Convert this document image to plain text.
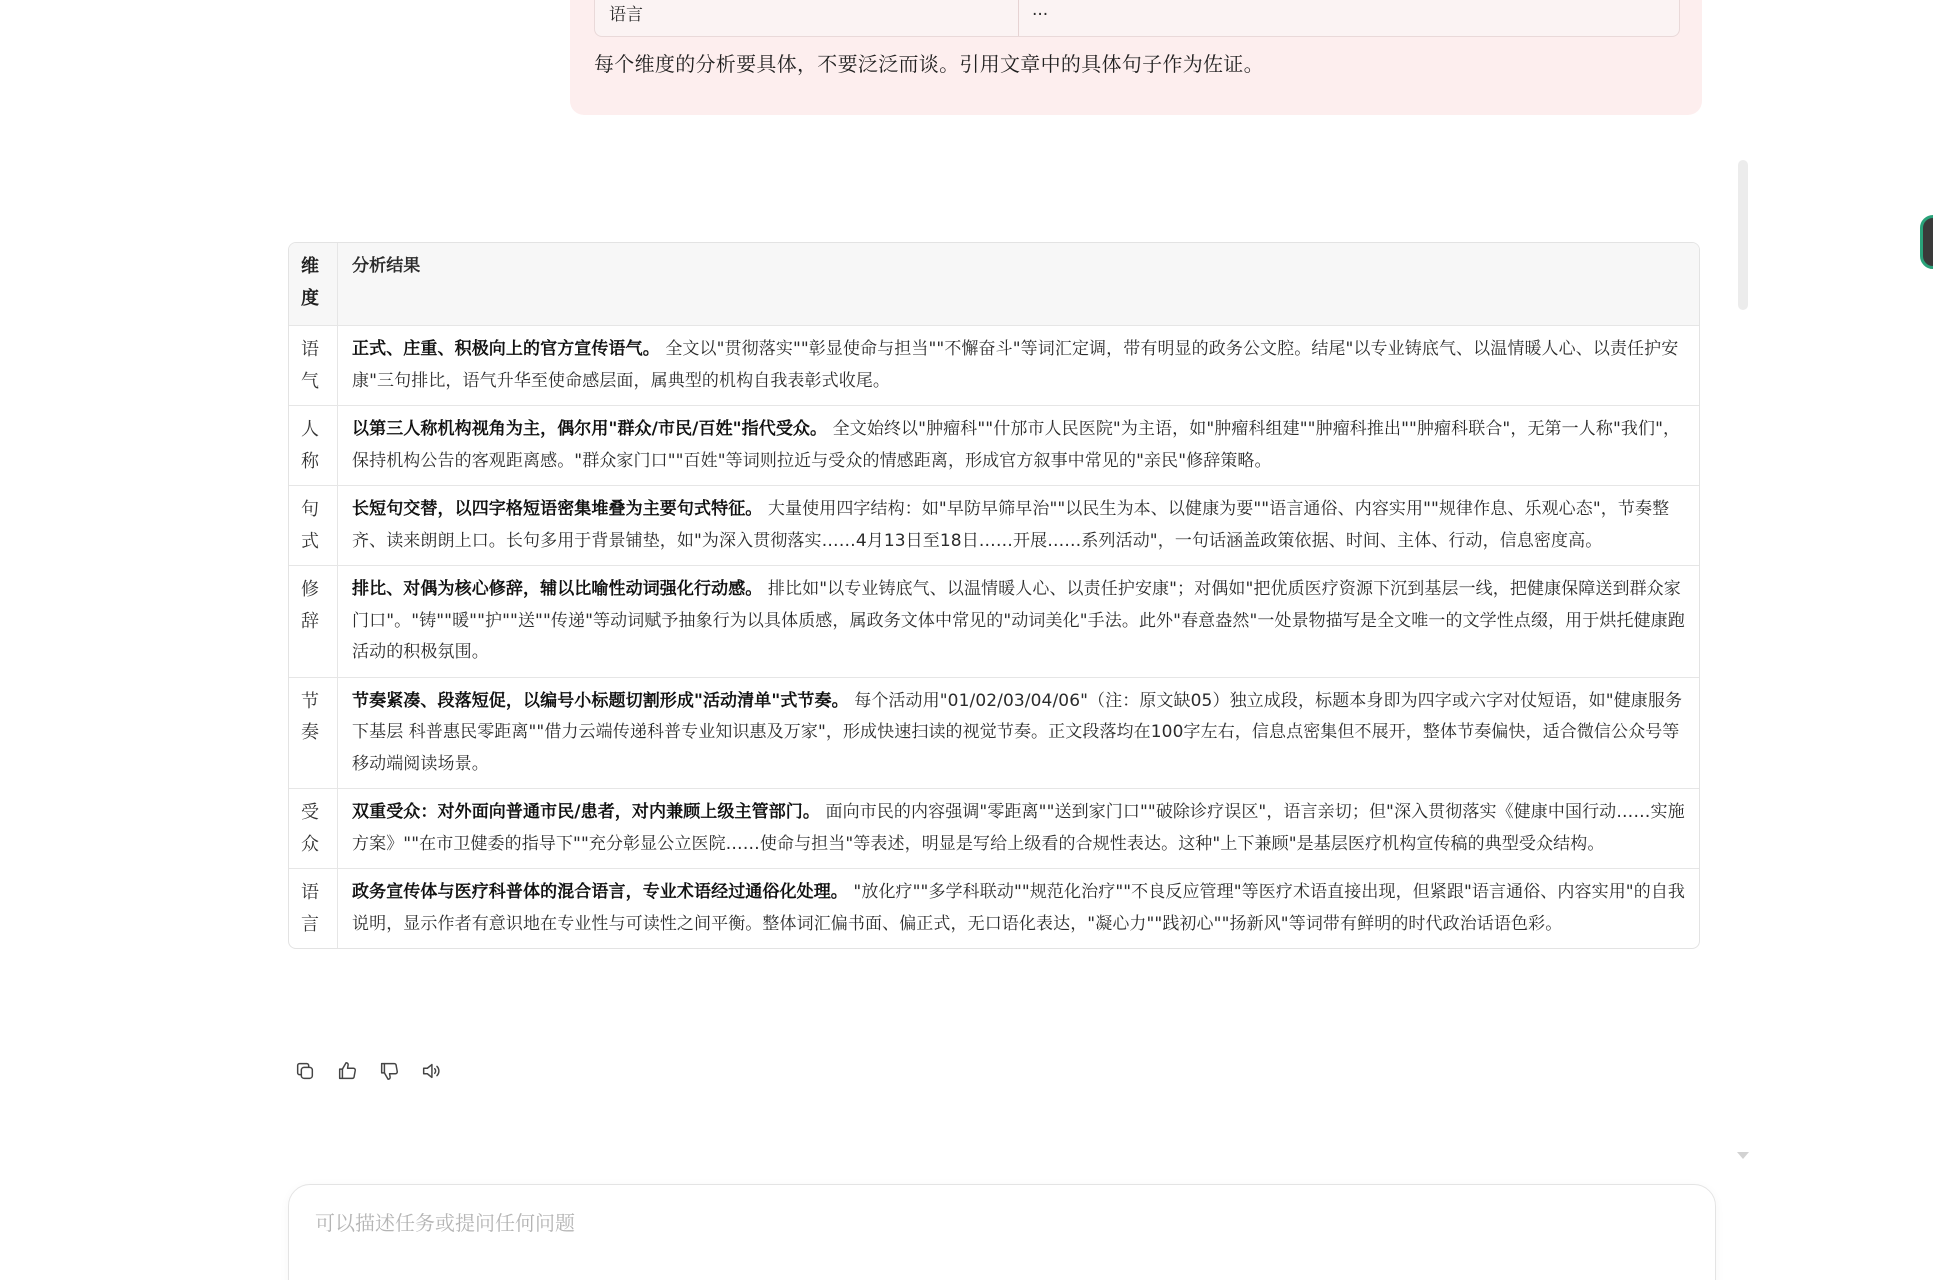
语言	...
每个维度的分析要具体，不要泛泛而谈。引用文章中的具体句子作为佐证。
维度	分析结果
语气	正式、庄重、积极向上的官方宣传语气。 全文以"贯彻落实""彰显使命与担当""不懈奋斗"等词汇定调，带有明显的政务公文腔。结尾"以专业铸底气、以温情暖人心、以责任护安康"三句排比，语气升华至使命感层面，属典型的机构自我表彰式收尾。
人称	以第三人称机构视角为主，偶尔用"群众/市民/百姓"指代受众。 全文始终以"肿瘤科""什邡市人民医院"为主语，如"肿瘤科组建""肿瘤科推出""肿瘤科联合"，无第一人称"我们"，保持机构公告的客观距离感。"群众家门口""百姓"等词则拉近与受众的情感距离，形成官方叙事中常见的"亲民"修辞策略。
句式	长短句交替，以四字格短语密集堆叠为主要句式特征。 大量使用四字结构：如"早防早筛早治""以民生为本、以健康为要""语言通俗、内容实用""规律作息、乐观心态"，节奏整齐、读来朗朗上口。长句多用于背景铺垫，如"为深入贯彻落实……4月13日至18日……开展……系列活动"，一句话涵盖政策依据、时间、主体、行动，信息密度高。
修辞	排比、对偶为核心修辞，辅以比喻性动词强化行动感。 排比如"以专业铸底气、以温情暖人心、以责任护安康"；对偶如"把优质医疗资源下沉到基层一线，把健康保障送到群众家门口"。"铸""暖""护""送""传递"等动词赋予抽象行为以具体质感，属政务文体中常见的"动词美化"手法。此外"春意盎然"一处景物描写是全文唯一的文学性点缀，用于烘托健康跑活动的积极氛围。
节奏	节奏紧凑、段落短促，以编号小标题切割形成"活动清单"式节奏。 每个活动用"01/02/03/04/06"（注：原文缺05）独立成段，标题本身即为四字或六字对仗短语，如"健康服务下基层 科普惠民零距离""借力云端传递科普专业知识惠及万家"，形成快速扫读的视觉节奏。正文段落均在100字左右，信息点密集但不展开，整体节奏偏快，适合微信公众号等移动端阅读场景。
受众	双重受众：对外面向普通市民/患者，对内兼顾上级主管部门。 面向市民的内容强调"零距离""送到家门口""破除诊疗误区"，语言亲切；但"深入贯彻落实《健康中国行动……实施方案》""在市卫健委的指导下""充分彰显公立医院……使命与担当"等表述，明显是写给上级看的合规性表达。这种"上下兼顾"是基层医疗机构宣传稿的典型受众结构。
语言	政务宣传体与医疗科普体的混合语言，专业术语经过通俗化处理。 "放化疗""多学科联动""规范化治疗""不良反应管理"等医疗术语直接出现，但紧跟"语言通俗、内容实用"的自我说明，显示作者有意识地在专业性与可读性之间平衡。整体词汇偏书面、偏正式，无口语化表达，"凝心力""践初心""扬新风"等词带有鲜明的时代政治话语色彩。
可以描述任务或提问任何问题
